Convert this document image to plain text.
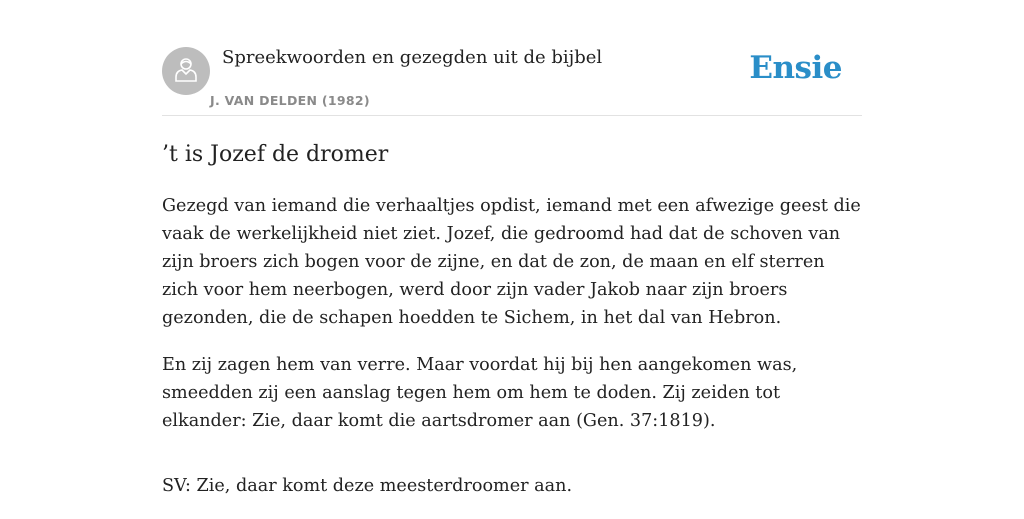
Spreekwoorden en gezegden uit de bijbel
J. VAN DELDEN (1982)
Ensie
’t is Jozef de dromer

Gezegd van iemand die verhaaltjes opdist, iemand met een afwezige geest die vaak de werkelijkheid niet ziet. Jozef, die gedroomd had dat de schoven van zijn broers zich bogen voor de zijne, en dat de zon, de maan en elf sterren zich voor hem neerbogen, werd door zijn vader Jakob naar zijn broers gezonden, die de schapen hoedden te Sichem, in het dal van Hebron.

En zij zagen hem van verre. Maar voordat hij bij hen aangekomen was, smeedden zij een aanslag tegen hem om hem te doden. Zij zeiden tot elkander: Zie, daar komt die aartsdromer aan (Gen. 37:1819).

SV: Zie, daar komt deze meesterdroomer aan.
